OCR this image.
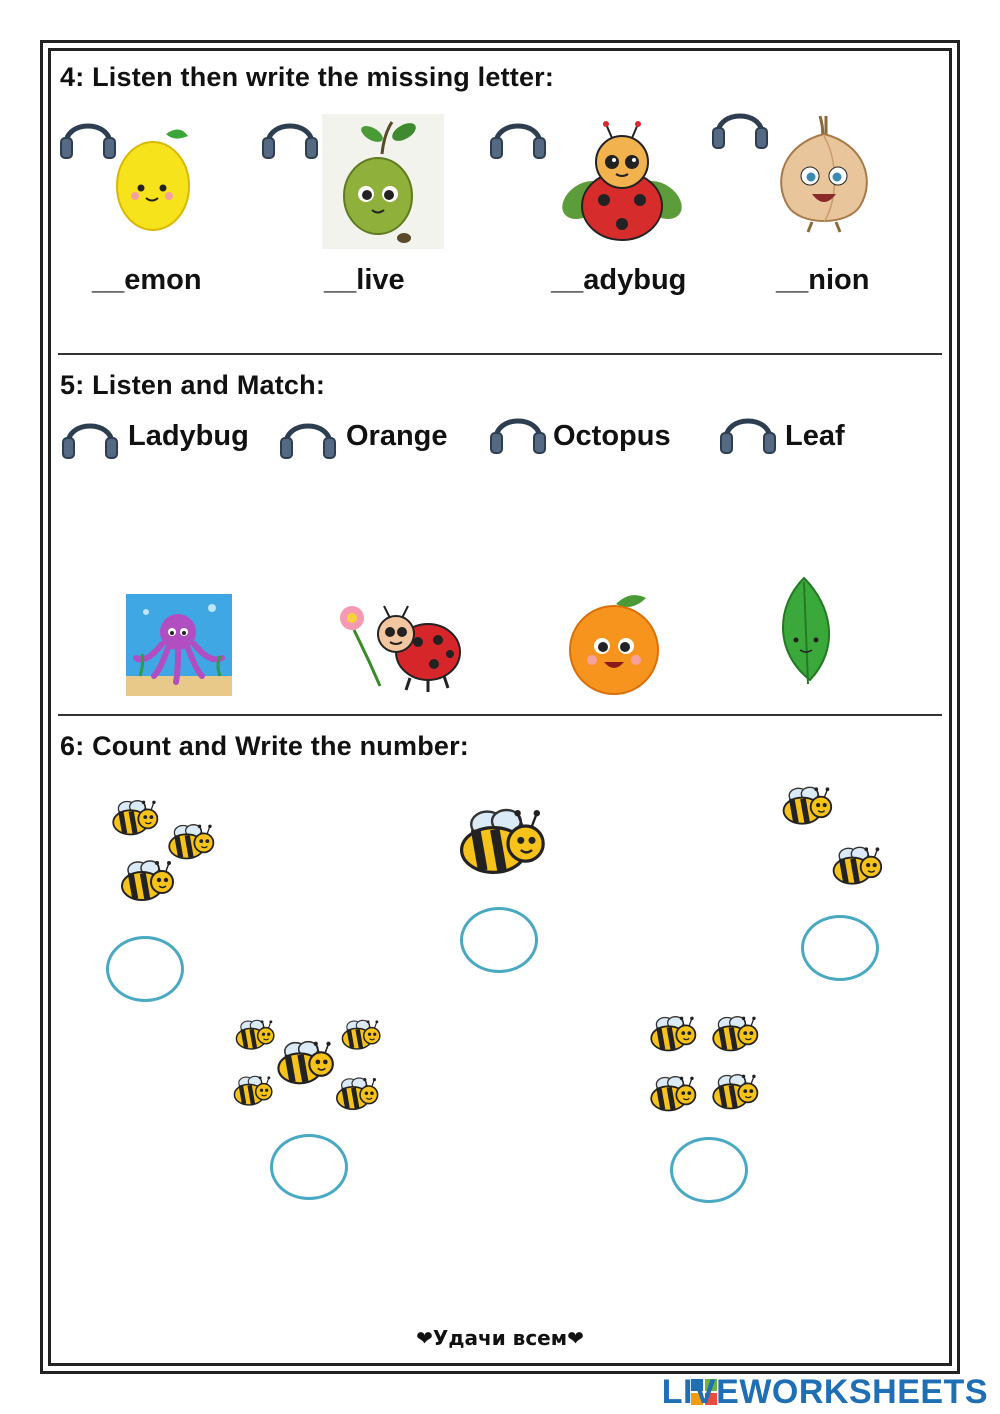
4: Listen then write the missing letter:
__emon	__live	__adybug	__nion
5: Listen and Match:
Ladybug	Orange	Octopus	Leaf
6: Count and Write the number:
❤Удачи всем❤
LIVEWORKSHEETS
